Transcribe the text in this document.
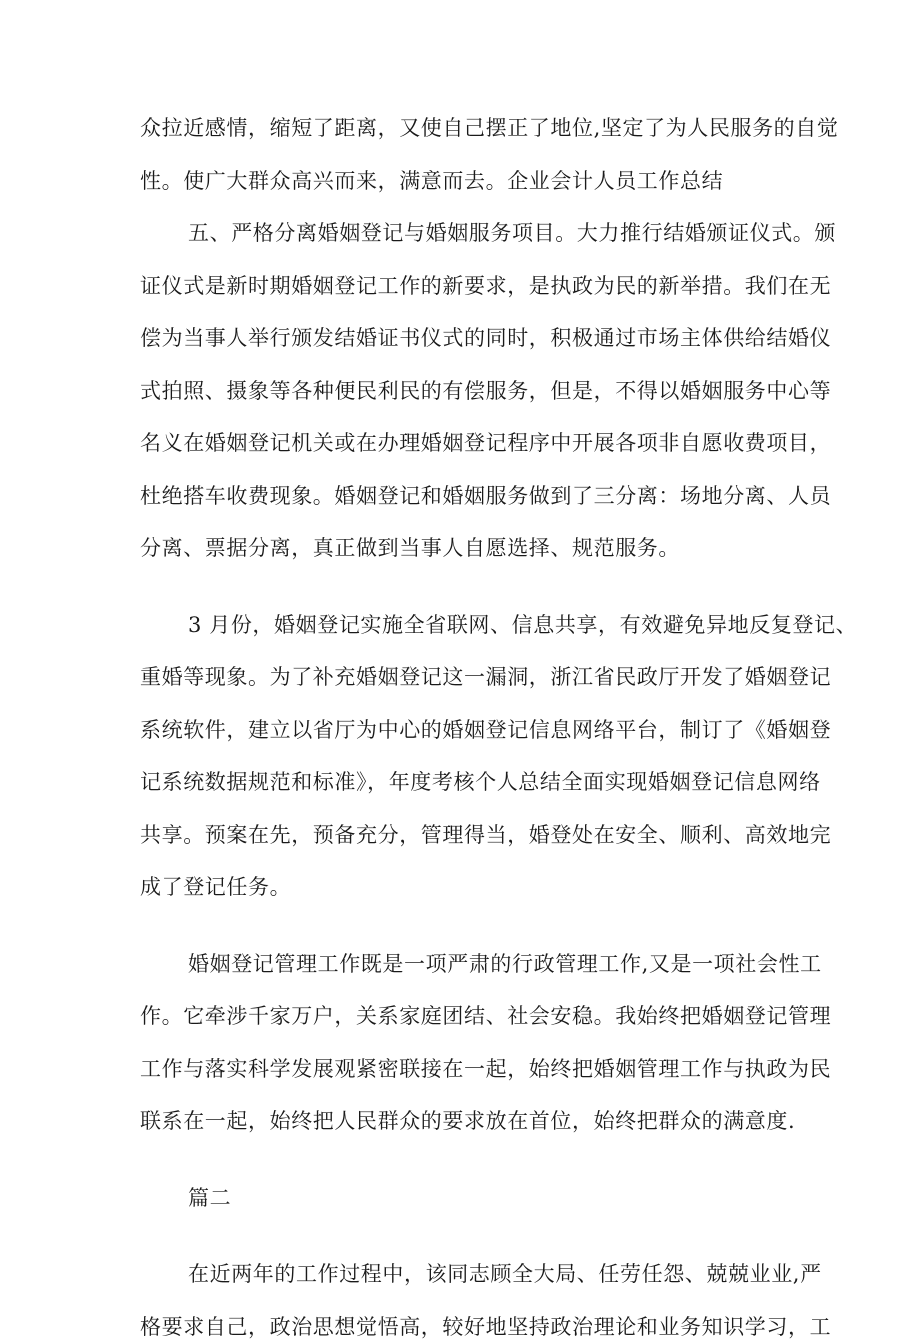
众拉近感情，缩短了距离，又使自己摆正了地位,坚定了为人民服务的自觉
性。使广大群众高兴而来，满意而去。企业会计人员工作总结
五、严格分离婚姻登记与婚姻服务项目。大力推行结婚颁证仪式。颁
证仪式是新时期婚姻登记工作的新要求，是执政为民的新举措。我们在无
偿为当事人举行颁发结婚证书仪式的同时，积极通过市场主体供给结婚仪
式拍照、摄象等各种便民利民的有偿服务，但是，不得以婚姻服务中心等
名义在婚姻登记机关或在办理婚姻登记程序中开展各项非自愿收费项目，
杜绝搭车收费现象。婚姻登记和婚姻服务做到了三分离：场地分离、人员
分离、票据分离，真正做到当事人自愿选择、规范服务。
3 月份，婚姻登记实施全省联网、信息共享，有效避免异地反复登记、
重婚等现象。为了补充婚姻登记这一漏洞，浙江省民政厅开发了婚姻登记
系统软件，建立以省厅为中心的婚姻登记信息网络平台，制订了《婚姻登
记系统数据规范和标准》，年度考核个人总结全面实现婚姻登记信息网络
共享。预案在先，预备充分，管理得当，婚登处在安全、顺利、高效地完
成了登记任务。
婚姻登记管理工作既是一项严肃的行政管理工作,又是一项社会性工
作。它牵涉千家万户，关系家庭团结、社会安稳。我始终把婚姻登记管理
工作与落实科学发展观紧密联接在一起，始终把婚姻管理工作与执政为民
联系在一起，始终把人民群众的要求放在首位，始终把群众的满意度.
篇二
在近两年的工作过程中，该同志顾全大局、任劳任怨、兢兢业业,严
格要求自己，政治思想觉悟高，较好地坚持政治理论和业务知识学习，工
